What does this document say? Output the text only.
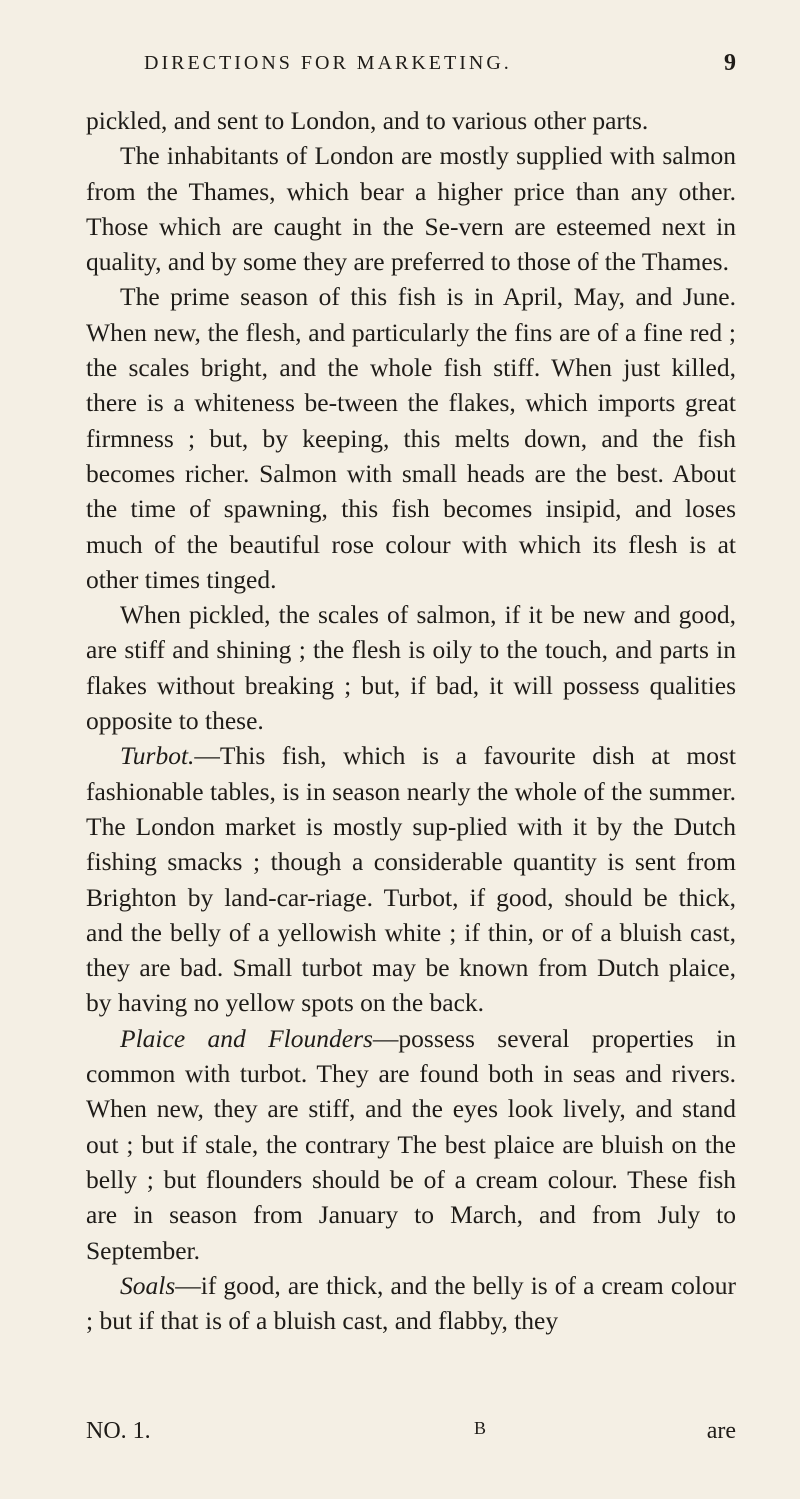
DIRECTIONS FOR MARKETING.	9

pickled, and sent to London, and to various other parts.

The inhabitants of London are mostly supplied with salmon from the Thames, which bear a higher price than any other. Those which are caught in the Se-vern are esteemed next in quality, and by some they are preferred to those of the Thames.

The prime season of this fish is in April, May, and June. When new, the flesh, and particularly the fins are of a fine red ; the scales bright, and the whole fish stiff. When just killed, there is a whiteness be-tween the flakes, which imports great firmness ; but, by keeping, this melts down, and the fish becomes richer. Salmon with small heads are the best. About the time of spawning, this fish becomes insipid, and loses much of the beautiful rose colour with which its flesh is at other times tinged.

When pickled, the scales of salmon, if it be new and good, are stiff and shining ; the flesh is oily to the touch, and parts in flakes without breaking ; but, if bad, it will possess qualities opposite to these.

Turbot.—This fish, which is a favourite dish at most fashionable tables, is in season nearly the whole of the summer. The London market is mostly sup-plied with it by the Dutch fishing smacks ; though a considerable quantity is sent from Brighton by land-car-riage. Turbot, if good, should be thick, and the belly of a yellowish white ; if thin, or of a bluish cast, they are bad. Small turbot may be known from Dutch plaice, by having no yellow spots on the back.

Plaice and Flounders—possess several properties in common with turbot. They are found both in seas and rivers. When new, they are stiff, and the eyes look lively, and stand out ; but if stale, the contrary The best plaice are bluish on the belly ; but flounders should be of a cream colour. These fish are in season from January to March, and from July to September.

Soals—if good, are thick, and the belly is of a cream colour ; but if that is of a bluish cast, and flabby, they

NO. 1.	B	are
